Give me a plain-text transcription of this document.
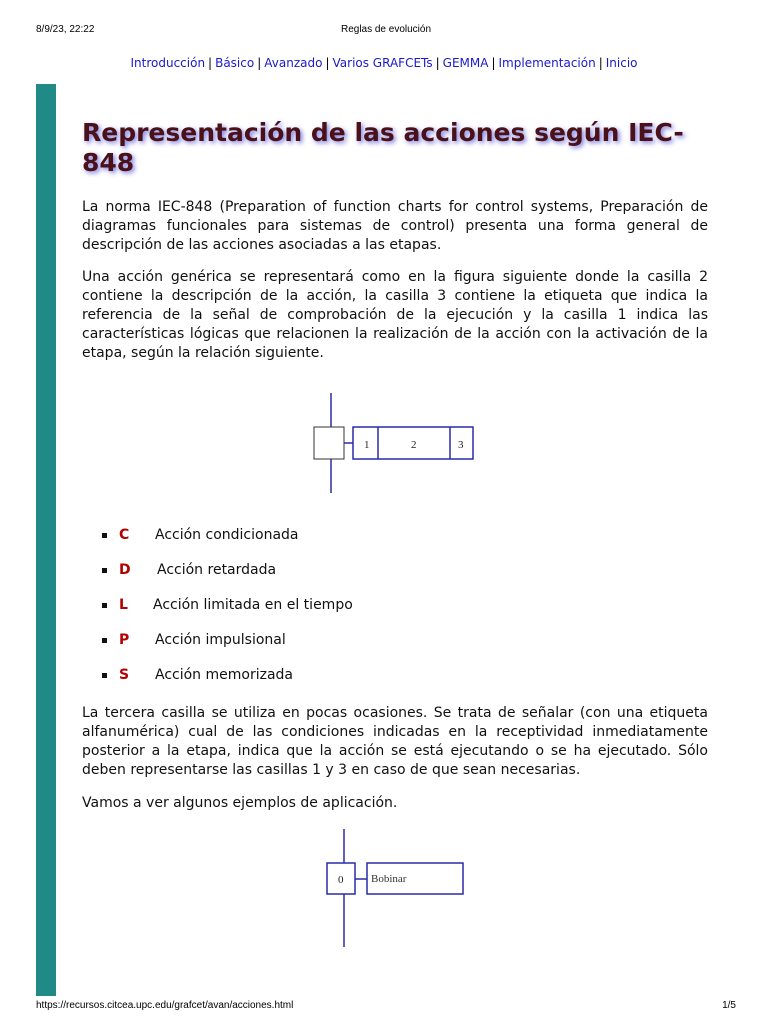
8/9/23, 22:22	Reglas de evolución
Introducción | Básico | Avanzado | Varios GRAFCETs | GEMMA | Implementación | Inicio
Representación de las acciones según IEC-848

La norma IEC-848 (Preparation of function charts for control systems, Preparación de diagramas funcionales para sistemas de control) presenta una forma general de descripción de las acciones asociadas a las etapas.

Una acción genérica se representará como en la figura siguiente donde la casilla 2 contiene la descripción de la acción, la casilla 3 contiene la etiqueta que indica la referencia de la señal de comprobación de la ejecución y la casilla 1 indica las características lógicas que relacionen la realización de la acción con la activación de la etapa, según la relación siguiente.

1	2	3
C Acción condicionada
D Acción retardada
L Acción limitada en el tiempo
P Acción impulsional
S Acción memorizada

La tercera casilla se utiliza en pocas ocasiones. Se trata de señalar (con una etiqueta alfanumérica) cual de las condiciones indicadas en la receptividad inmediatamente posterior a la etapa, indica que la acción se está ejecutando o se ha ejecutado. Sólo deben representarse las casillas 1 y 3 en caso de que sean necesarias.

Vamos a ver algunos ejemplos de aplicación.

0	Bobinar
https://recursos.citcea.upc.edu/grafcet/avan/acciones.html	1/5
